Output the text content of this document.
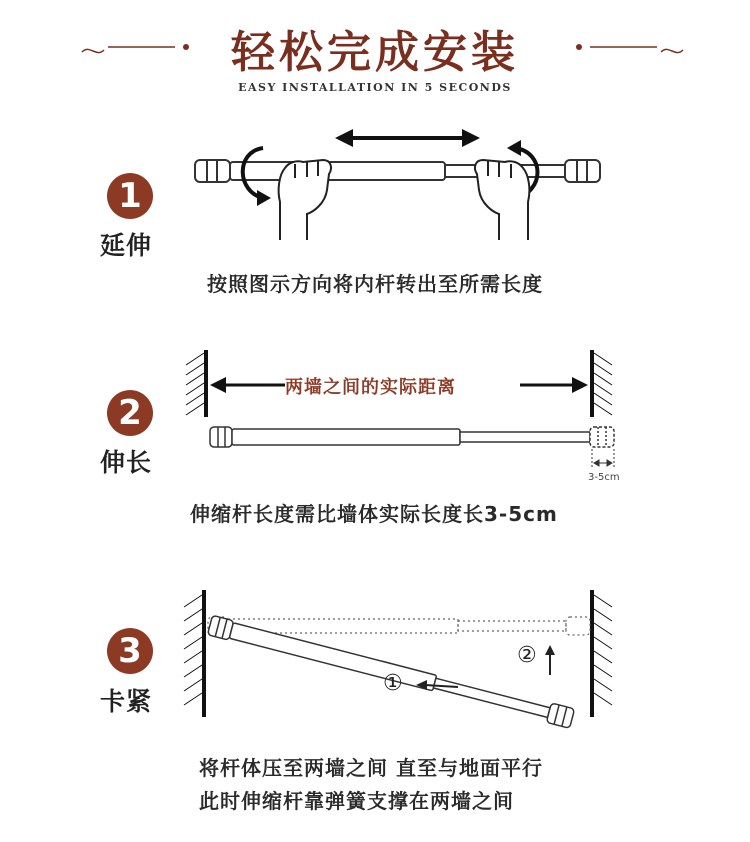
轻松完成安装
EASY INSTALLATION IN 5 SECONDS
1
延伸
按照图示方向将内杆转出至所需长度
2
伸长
两墙之间的实际距离
3-5cm
伸缩杆长度需比墙体实际长度长3-5cm
3
卡紧
①
②
将杆体压至两墙之间 直至与地面平行
此时伸缩杆靠弹簧支撑在两墙之间
